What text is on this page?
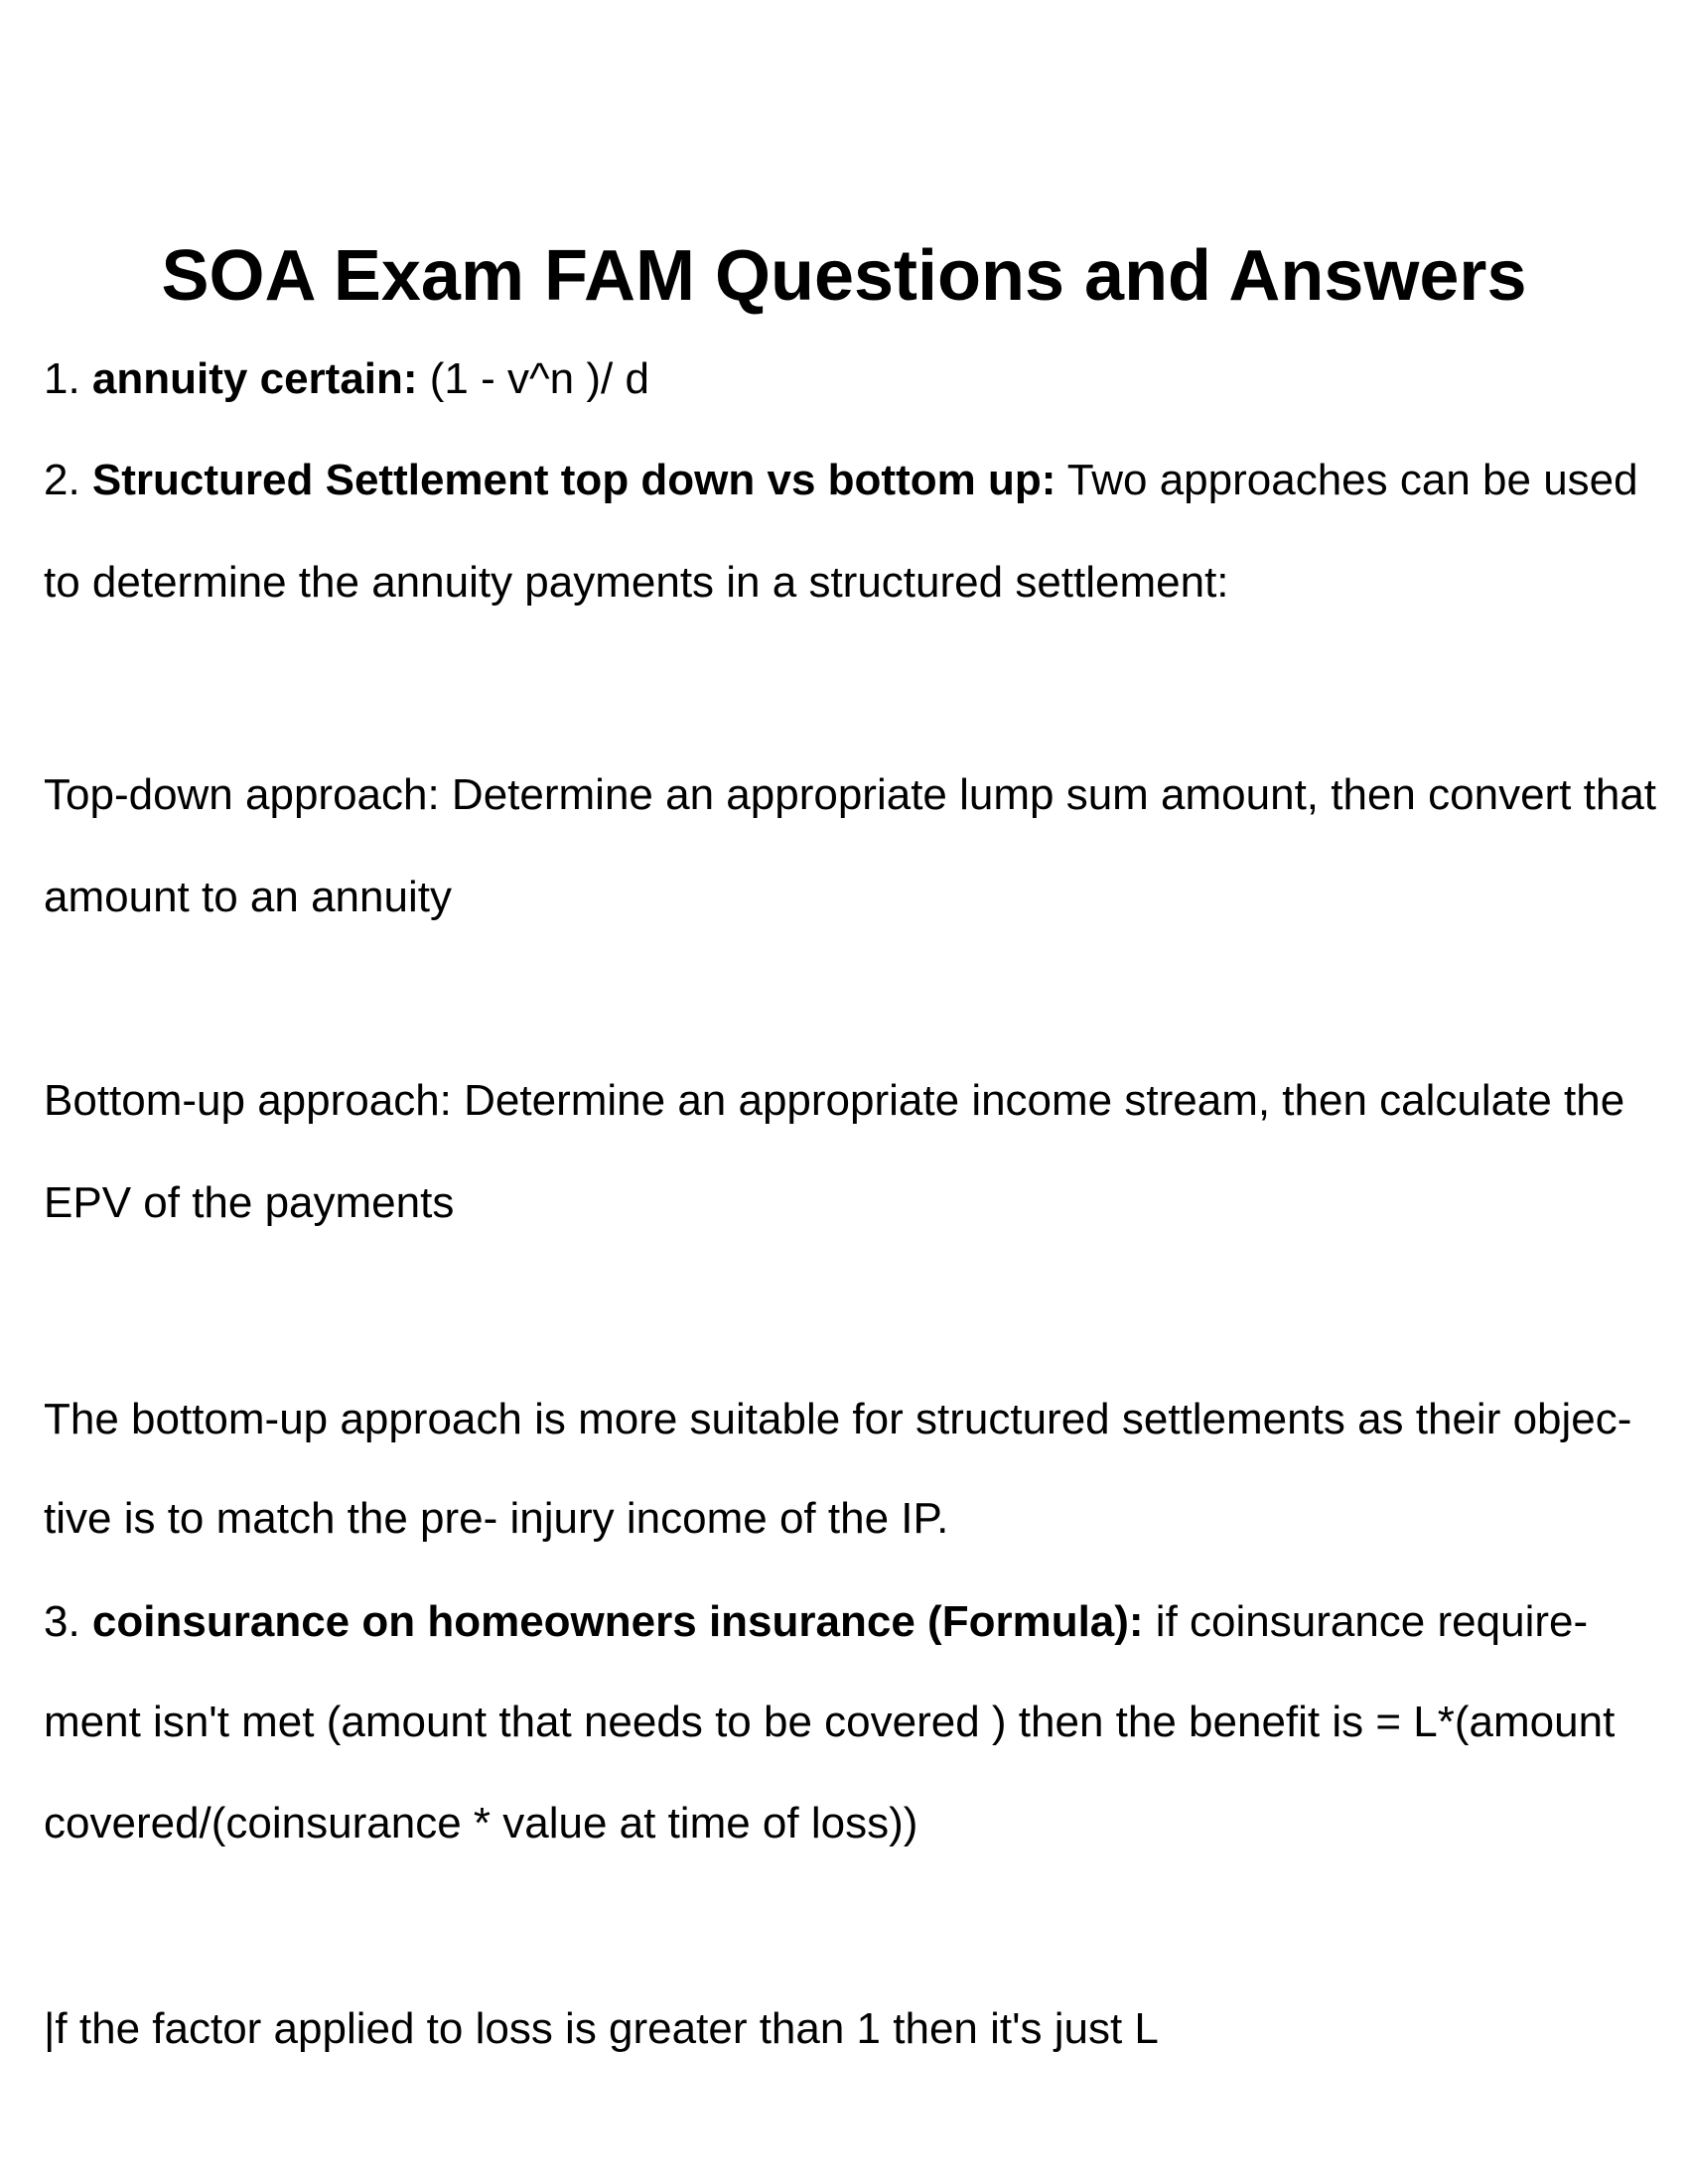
SOA Exam FAM Questions and Answers
1. annuity certain: (1 - v^n )/ d
2. Structured Settlement top down vs bottom up: Two approaches can be used
to determine the annuity payments in a structured settlement:
Top-down approach: Determine an appropriate lump sum amount, then convert that
amount to an annuity
Bottom-up approach: Determine an appropriate income stream, then calculate the
EPV of the payments
The bottom-up approach is more suitable for structured settlements as their objec-
tive is to match the pre- injury income of the IP.
3. coinsurance on homeowners insurance (Formula): if coinsurance require-
ment isn't met (amount that needs to be covered ) then the benefit is = L*(amount
covered/(coinsurance * value at time of loss))
|f the factor applied to loss is greater than 1 then it's just L
